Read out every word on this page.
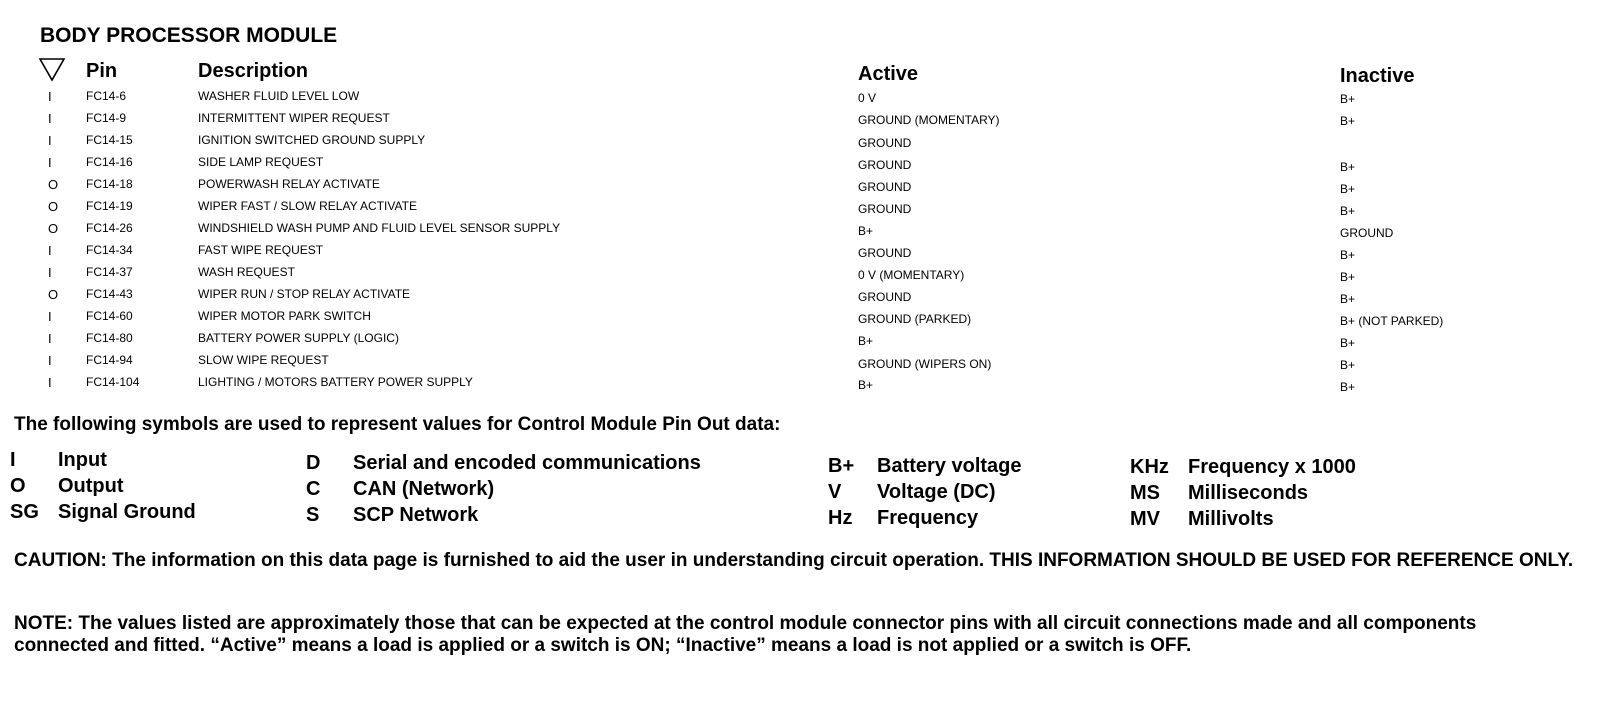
BODY PROCESSOR MODULE
Pin	Description	Active	Inactive
I	FC14-6	WASHER FLUID LEVEL LOW	0 V	B+
I	FC14-9	INTERMITTENT WIPER REQUEST	GROUND (MOMENTARY)	B+
I	FC14-15	IGNITION SWITCHED GROUND SUPPLY	GROUND
I	FC14-16	SIDE LAMP REQUEST	GROUND	B+
O FC14-18	POWERWASH RELAY ACTIVATE	GROUND	B+
O FC14-19	WIPER FAST / SLOW RELAY ACTIVATE	GROUND	B+
O FC14-26	WINDSHIELD WASH PUMP AND FLUID LEVEL SENSOR SUPPLY	B+	GROUND
I	FC14-34	FAST WIPE REQUEST	GROUND	B+
I	FC14-37	WASH REQUEST	0 V (MOMENTARY)	B+
O FC14-43	WIPER RUN / STOP RELAY ACTIVATE	GROUND	B+
I	FC14-60	WIPER MOTOR PARK SWITCH	GROUND (PARKED)	B+ (NOT PARKED)
I	FC14-80	BATTERY POWER SUPPLY (LOGIC)	B+	B+
I	FC14-94	SLOW WIPE REQUEST	GROUND (WIPERS ON)	B+
I	FC14-104	LIGHTING / MOTORS BATTERY POWER SUPPLY	B+	B+
The following symbols are used to represent values for Control Module Pin Out data:
I Input
O Output
SG Signal Ground
D Serial and encoded communications
C CAN (Network)
S SCP Network
B+ Battery voltage
V Voltage (DC)
Hz Frequency
KHz Frequency x 1000
MS Milliseconds
MV Millivolts
CAUTION: The information on this data page is furnished to aid the user in understanding circuit operation. THIS INFORMATION SHOULD BE USED FOR REFERENCE ONLY.
NOTE: The values listed are approximately those that can be expected at the control module connector pins with all circuit connections made and all components connected and fitted. “Active” means a load is applied or a switch is ON; “Inactive” means a load is not applied or a switch is OFF.
